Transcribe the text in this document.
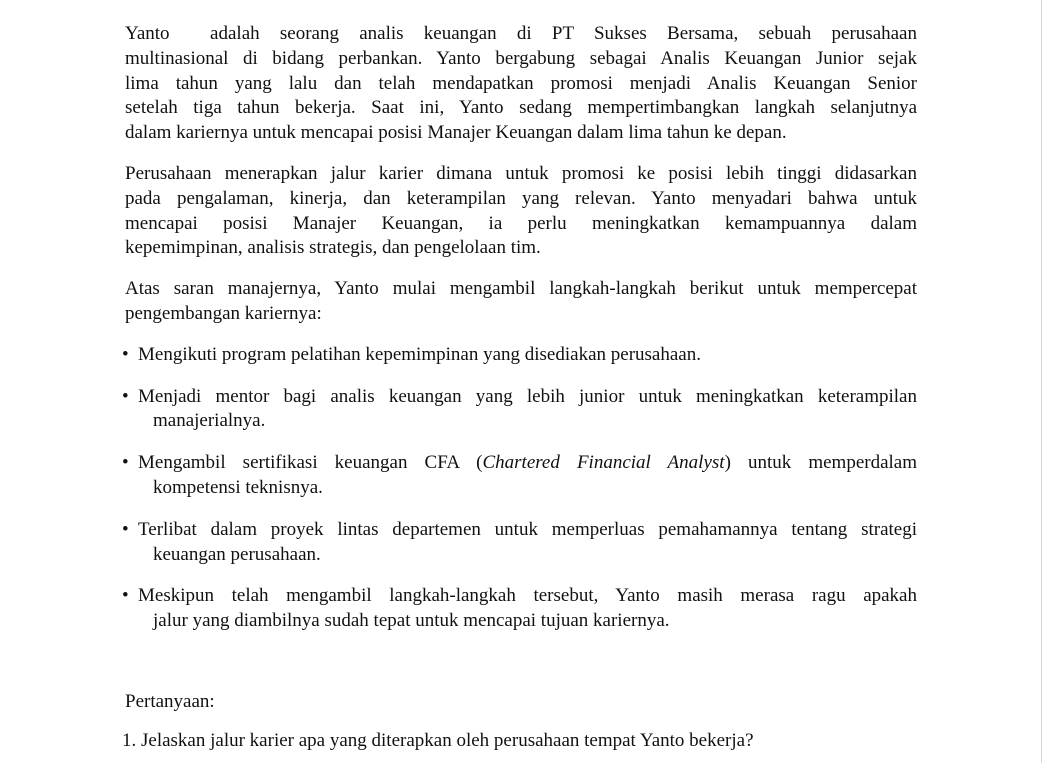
Yanto  adalah seorang analis keuangan di PT Sukses Bersama, sebuah perusahaan
multinasional di bidang perbankan. Yanto bergabung sebagai Analis Keuangan Junior sejak
lima tahun yang lalu dan telah mendapatkan promosi menjadi Analis Keuangan Senior
setelah tiga tahun bekerja. Saat ini, Yanto sedang mempertimbangkan langkah selanjutnya
dalam kariernya untuk mencapai posisi Manajer Keuangan dalam lima tahun ke depan.
Perusahaan menerapkan jalur karier dimana untuk promosi ke posisi lebih tinggi didasarkan
pada pengalaman, kinerja, dan keterampilan yang relevan. Yanto menyadari bahwa untuk
mencapai posisi Manajer Keuangan, ia perlu meningkatkan kemampuannya dalam
kepemimpinan, analisis strategis, dan pengelolaan tim.
Atas saran manajernya, Yanto mulai mengambil langkah-langkah berikut untuk mempercepat
pengembangan kariernya:
• Mengikuti program pelatihan kepemimpinan yang disediakan perusahaan.
• Menjadi mentor bagi analis keuangan yang lebih junior untuk meningkatkan keterampilan
manajerialnya.
• Mengambil sertifikasi keuangan CFA (Chartered Financial Analyst) untuk memperdalam
kompetensi teknisnya.
• Terlibat dalam proyek lintas departemen untuk memperluas pemahamannya tentang strategi
keuangan perusahaan.
• Meskipun telah mengambil langkah-langkah tersebut, Yanto masih merasa ragu apakah
jalur yang diambilnya sudah tepat untuk mencapai tujuan kariernya.
Pertanyaan:
1. Jelaskan jalur karier apa yang diterapkan oleh perusahaan tempat Yanto bekerja?
